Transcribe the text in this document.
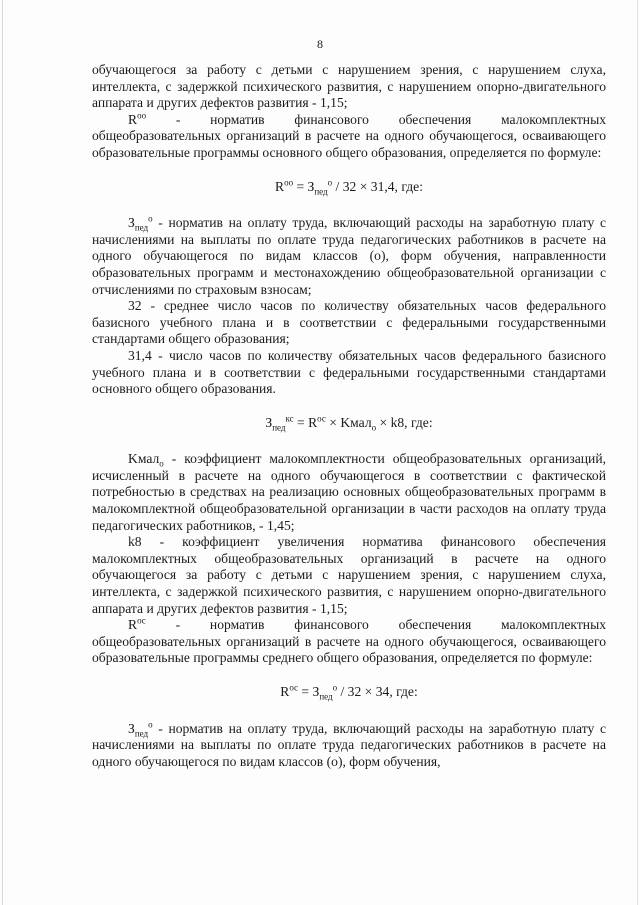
8

обучающегося за работу с детьми с нарушением зрения, с нарушением слуха, интеллекта, с задержкой психического развития, с нарушением опорно-двигательного аппарата и других дефектов развития - 1,15;

$R^{оо}$ - норматив финансового обеспечения малокомплектных общеобразовательных организаций в расчете на одного обучающегося, осваивающего образовательные программы основного общего образования, определяется по формуле:

$R^{оо} = З_{пед}^о / 32 \times 31,4$, где:

$З_{пед}^о$ - норматив на оплату труда, включающий расходы на заработную плату с начислениями на выплаты по оплате труда педагогических работников в расчете на одного обучающегося по видам классов (о), форм обучения, направленности образовательных программ и местонахождению общеобразовательной организации с отчислениями по страховым взносам;

32 - среднее число часов по количеству обязательных часов федерального базисного учебного плана и в соответствии с федеральными государственными стандартами общего образования;

31,4 - число часов по количеству обязательных часов федерального базисного учебного плана и в соответствии с федеральными государственными стандартами основного общего образования.

$З_{пед}^{кс} = R^{ос}$ × Kмал$_о$ × k8, где:

Kмал$_о$ - коэффициент малокомплектности общеобразовательных организаций, исчисленный в расчете на одного обучающегося в соответствии с фактической потребностью в средствах на реализацию основных общеобразовательных программ в малокомплектной общеобразовательной организации в части расходов на оплату труда педагогических работников, - 1,45;

k8 - коэффициент увеличения норматива финансового обеспечения малокомплектных общеобразовательных организаций в расчете на одного обучающегося за работу с детьми с нарушением зрения, с нарушением слуха, интеллекта, с задержкой психического развития, с нарушением опорно-двигательного аппарата и других дефектов развития - 1,15;

$R^{ос}$ - норматив финансового обеспечения малокомплектных общеобразовательных организаций в расчете на одного обучающегося, осваивающего образовательные программы среднего общего образования, определяется по формуле:

$R^{ос} = З_{пед}^о / 32 \times 34$, где:

$З_{пед}^о$ - норматив на оплату труда, включающий расходы на заработную плату с начислениями на выплаты по оплате труда педагогических работников в расчете на одного обучающегося по видам классов (о), форм обучения,
